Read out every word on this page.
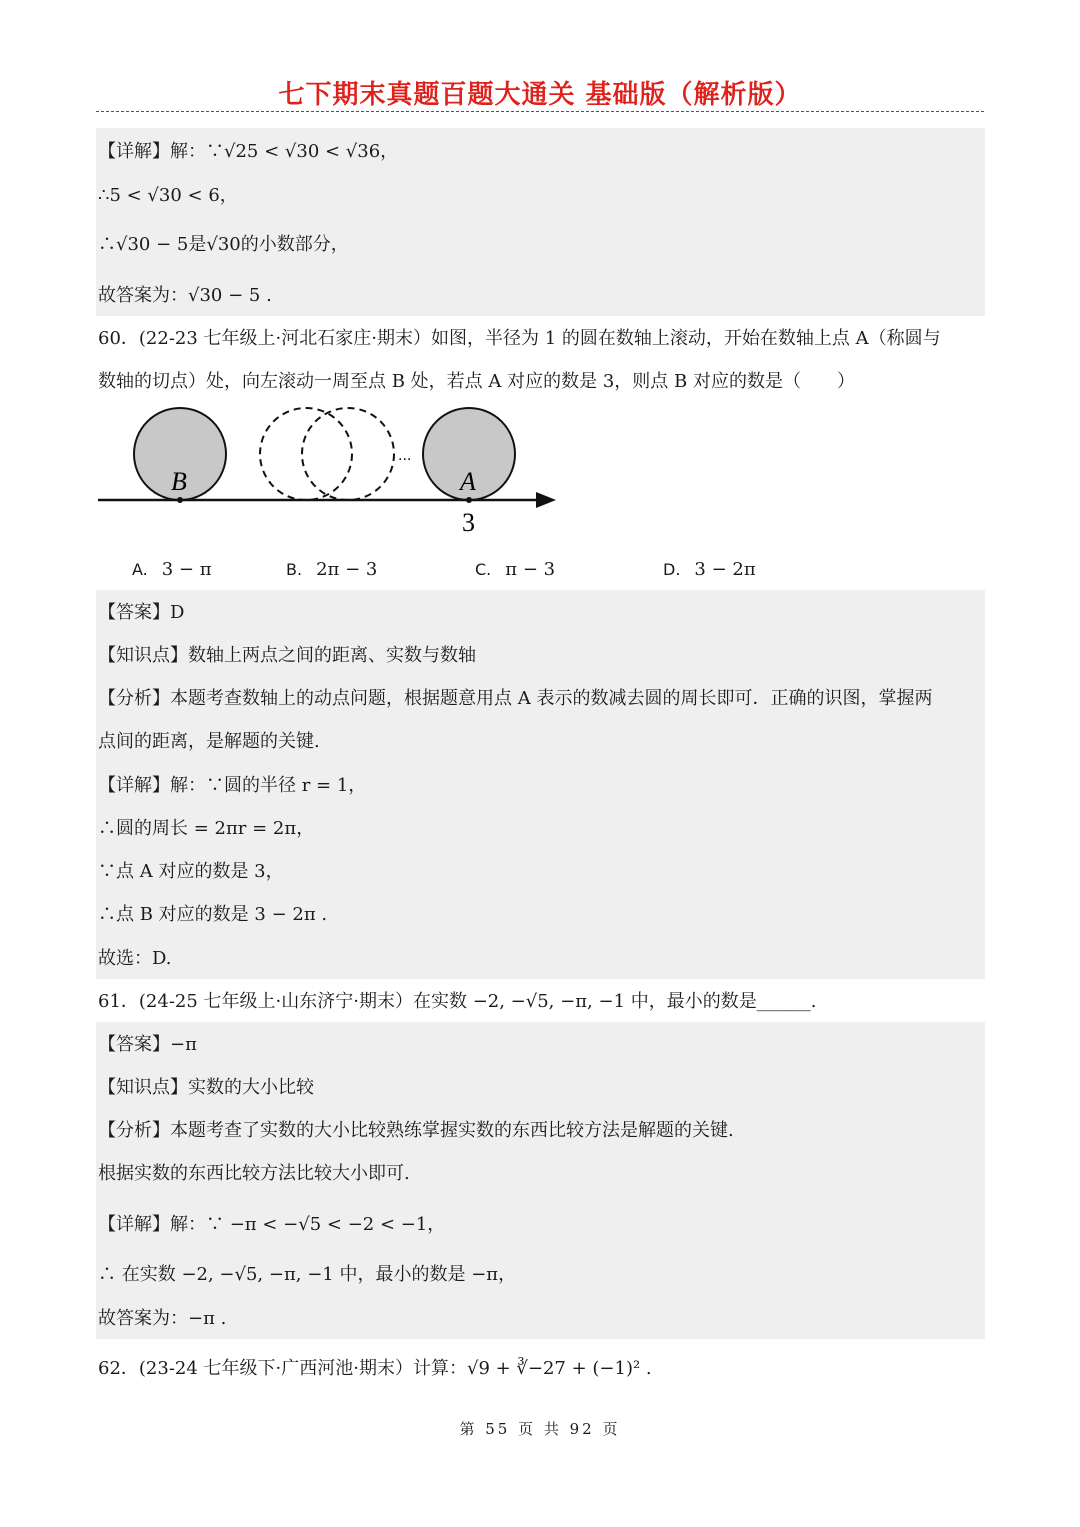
七下期末真题百题大通关 基础版（解析版）
【详解】解：∵√25 < √30 < √36，
∴5 < √30 < 6，
∴√30 − 5是√30的小数部分，
故答案为：√30 − 5 .
60．(22-23 七年级上·河北石家庄·期末）如图，半径为 1 的圆在数轴上滚动，开始在数轴上点 A（称圆与
数轴的切点）处，向左滚动一周至点 B 处，若点 A 对应的数是 3，则点 B 对应的数是（　　）
B	A
···
3
A. 3 − π	B. 2π − 3	C. π − 3	D. 3 − 2π
【答案】D
【知识点】数轴上两点之间的距离、实数与数轴
【分析】本题考查数轴上的动点问题，根据题意用点 A 表示的数减去圆的周长即可．正确的识图，掌握两
点间的距离，是解题的关键.
【详解】解：∵圆的半径 r = 1，
∴圆的周长 = 2πr = 2π，
∵点 A 对应的数是 3，
∴点 B 对应的数是 3 − 2π .
故选：D.
61．(24-25 七年级上·山东济宁·期末）在实数 −2, −√5, −π, −1 中，最小的数是______.
【答案】−π
【知识点】实数的大小比较
【分析】本题考查了实数的大小比较熟练掌握实数的东西比较方法是解题的关键.
根据实数的东西比较方法比较大小即可.
【详解】解：∵ −π < −√5 < −2 < −1，
∴ 在实数 −2, −√5, −π, −1 中，最小的数是 −π，
故答案为：−π .
62．(23-24 七年级下·广西河池·期末）计算：√9 + ∛−27 + (−1)² .
第 55 页 共 92 页
